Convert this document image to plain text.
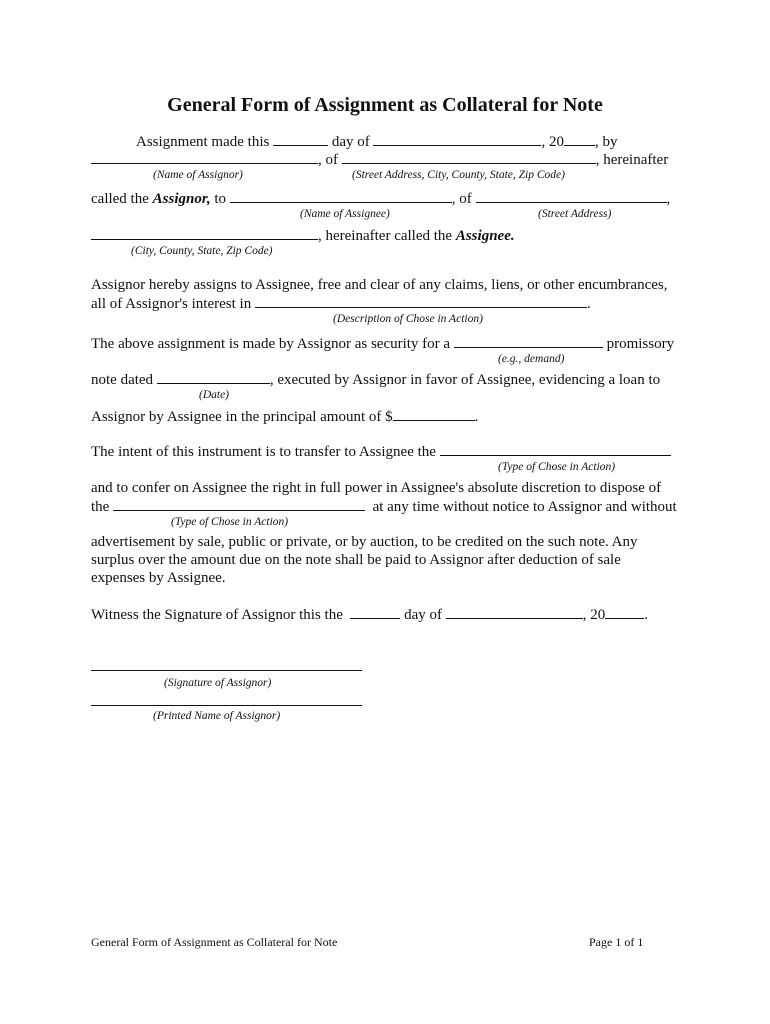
General Form of Assignment as Collateral for Note
Assignment made this	day of	, 20 , by
, of	, hereinafter
(Name of Assignor)	(Street Address, City, County, State, Zip Code)
called the Assignor, to	, of	,
(Name of Assignee)	(Street Address)
, hereinafter called the Assignee.
(City, County, State, Zip Code)
Assignor hereby assigns to Assignee, free and clear of any claims, liens, or other encumbrances,
all of Assignor's interest in	.
(Description of Chose in Action)
The above assignment is made by Assignor as security for a	promissory
(e.g., demand)
note dated	, executed by Assignor in favor of Assignee, evidencing a loan to
(Date)
Assignor by Assignee in the principal amount of $	.
The intent of this instrument is to transfer to Assignee the
(Type of Chose in Action)
and to confer on Assignee the right in full power in Assignee's absolute discretion to dispose of
the	at any time without notice to Assignor and without
(Type of Chose in Action)
advertisement by sale, public or private, or by auction, to be credited on the such note. Any
surplus over the amount due on the note shall be paid to Assignor after deduction of sale
expenses by Assignee.
Witness the Signature of Assignor this the	day of	, 20	.
(Signature of Assignor)
(Printed Name of Assignor)
General Form of Assignment as Collateral for Note	Page 1 of 1
